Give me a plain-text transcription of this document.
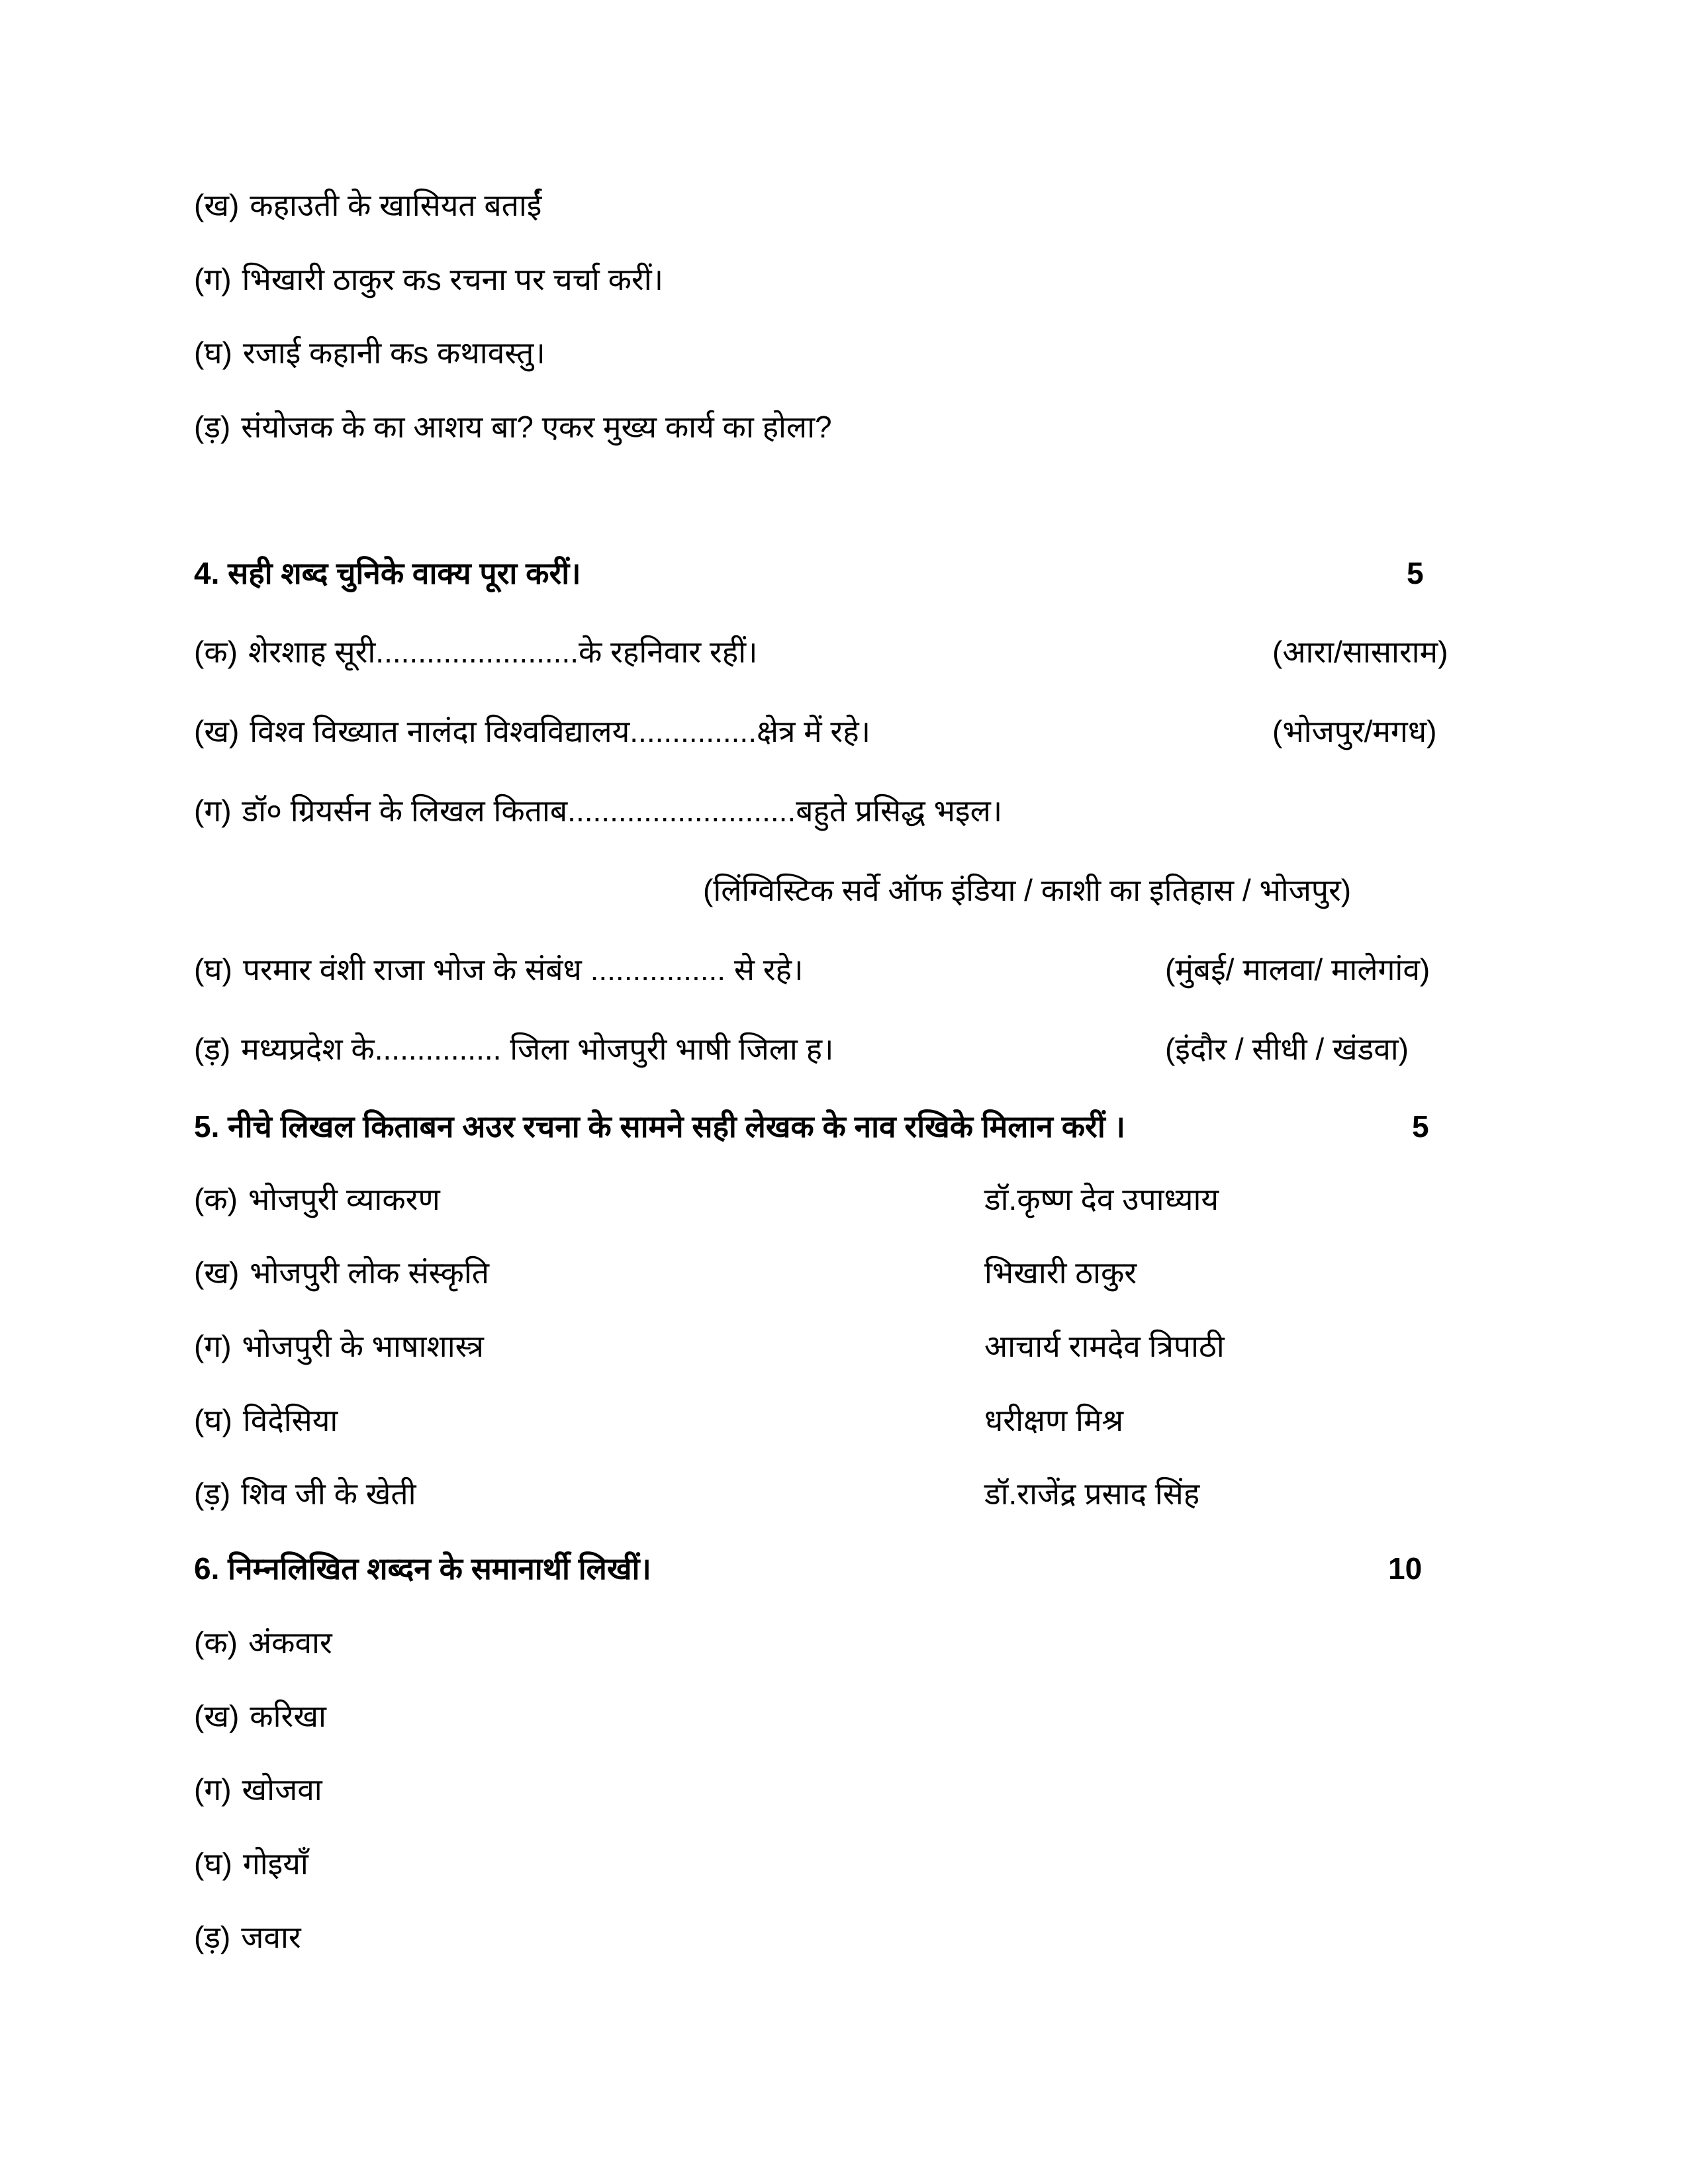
(ख) कहाउती के खासियत बताईं
(ग) भिखारी ठाकुर कs रचना पर चर्चा करीं।
(घ) रजाई कहानी कs कथावस्तु।
(ड़) संयोजक के का आशय बा? एकर मुख्य कार्य का होला?
4. सही शब्द चुनिके वाक्य पूरा करीं।	5
(क) शेरशाह सूरी........................के रहनिवार रहीं।	(आरा/सासाराम)
(ख) विश्व विख्यात नालंदा विश्वविद्यालय...............क्षेत्र में रहे।	(भोजपुर/मगध)
(ग) डॉ० ग्रियर्सन के लिखल किताब...........................बहुते प्रसिद्ध भइल।
(लिंग्विस्टिक सर्वे ऑफ इंडिया / काशी का इतिहास / भोजपुर)
(घ) परमार वंशी राजा भोज के संबंध ................ से रहे।	(मुंबई/ मालवा/ मालेगांव)
(ड़) मध्यप्रदेश के............... जिला भोजपुरी भाषी जिला ह।	(इंदौर / सीधी / खंडवा)
5. नीचे लिखल किताबन अउर रचना के सामने सही लेखक के नाव रखिके मिलान करीं ।	5
(क) भोजपुरी व्याकरण	डॉ.कृष्ण देव उपाध्याय
(ख) भोजपुरी लोक संस्कृति	भिखारी ठाकुर
(ग) भोजपुरी के भाषाशास्त्र	आचार्य रामदेव त्रिपाठी
(घ) विदेसिया	धरीक्षण मिश्र
(ड़) शिव जी के खेती	डॉ.राजेंद्र प्रसाद सिंह
6. निम्नलिखित शब्दन के समानार्थी लिखीं।	10
(क) अंकवार
(ख) करिखा
(ग) खोजवा
(घ) गोइयाँ
(ड़) जवार
